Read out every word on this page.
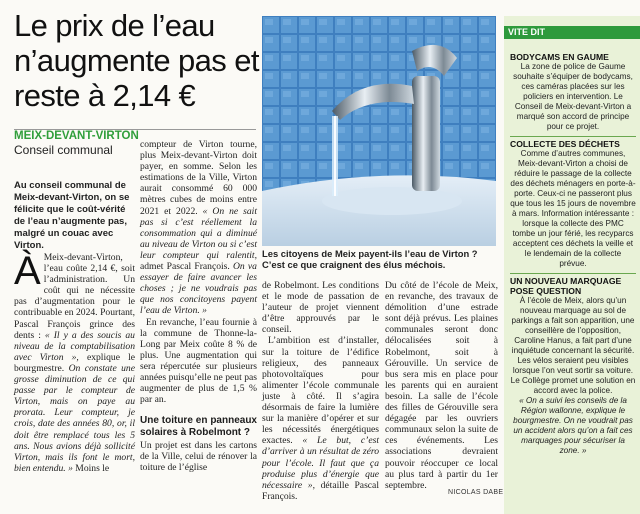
Le prix de l’eau n’augmente pas et reste à 2,14 €
MEIX-DEVANT-VIRTON
Conseil communal
Au conseil communal de Meix-devant-Virton, on se félicite que le coût-vérité de l’eau n’augmente pas, malgré un couac avec Virton.

À Meix-devant-Virton, l’eau coûte 2,14 €, soit l’administration. Un coût qui ne nécessite pas d’augmentation pour le contribuable en 2024. Pourtant, Pascal François grince des dents : « Il y a des soucis au niveau de la comptabilisation avec Virton », explique le bourgmestre. On constate une grosse diminution de ce qui passe par le compteur de Virton, mais on paye au prorata. Leur compteur, je crois, date des années 80, or, il doit être remplacé tous les 5 ans. Nous avions déjà sollicité Virton, mais ils font le mort, bien entendu. » Moins le

compteur de Virton tourne, plus Meix-devant-Virton doit payer, en somme. Selon les estimations de la Ville, Virton aurait consommé 60 000 mètres cubes de moins entre 2021 et 2022. « On ne sait pas si c’est réellement la consommation qui a diminué au niveau de Virton ou si c’est leur compteur qui ralentit, admet Pascal François. On va essayer de faire avancer les choses ; je ne voudrais pas que nos concitoyens payent l’eau de Virton. »

En revanche, l’eau fournie à la commune de Thonne-la-Long par Meix coûte 8 % de plus. Une augmentation qui sera répercutée sur plusieurs années puisqu’elle ne peut pas augmenter de plus de 1,5 % par an.

Une toiture en panneaux solaires à Robelmont ?

Un projet est dans les cartons de la Ville, celui de rénover la toiture de l’église

Les citoyens de Meix payent-ils l’eau de Virton ? C’est ce que craignent des élus méchois.

de Robelmont. Les conditions et le mode de passation de l’auteur de projet viennent d’être approuvés par le conseil.

L’ambition est d’installer, sur la toiture de l’édifice religieux, des panneaux photovoltaïques pour alimenter l’école communale juste à côté. Il s’agira désormais de faire la lumière sur la manière d’opérer et sur les nécessités énergétiques exactes. « Le but, c’est d’arriver à un résultat de zéro pour l’école. Il faut que ça produise plus d’énergie que nécessaire », détaille Pascal François.

Du côté de l’école de Meix, en revanche, des travaux de démolition d’une estrade sont déjà prévus. Les plaines communales seront donc délocalisées soit à Robelmont, soit à Gérouville. Un service de bus sera mis en place pour les parents qui en auraient besoin. La salle de l’école des filles de Gérouville sera dégagée par les ouvriers communaux selon la suite de ces événements. Les associations devraient pouvoir réoccuper ce local au plus tard à partir du 1er septembre.

NICOLAS DABE
VITE DIT
BODYCAMS EN GAUME
La zone de police de Gaume souhaite s’équiper de bodycams, ces caméras placées sur les policiers en intervention. Le Conseil de Meix-devant-Virton a marqué son accord de principe pour ce projet.
COLLECTE DES DÉCHETS
Comme d’autres communes, Meix-devant-Virton a choisi de réduire le passage de la collecte des déchets ménagers en porte-à-porte. Ceux-ci ne passeront plus que tous les 15 jours de novembre à mars. Information intéressante : lorsque la collecte des PMC tombe un jour férié, les recyparcs acceptent ces déchets la veille et le lendemain de la collecte prévue.
UN NOUVEAU MARQUAGE POSE QUESTION
À l’école de Meix, alors qu’un nouveau marquage au sol de parkings a fait son apparition, une conseillère de l’opposition, Caroline Hanus, a fait part d’une inquiétude concernant la sécurité. Les vélos seraient peu visibles lorsque l’on veut sortir sa voiture. Le Collège promet une solution en accord avec la police.
« On a suivi les conseils de la Région wallonne, explique le bourgmestre. On ne voudrait pas un accident alors qu’on a fait ces marquages pour sécuriser la zone. »
